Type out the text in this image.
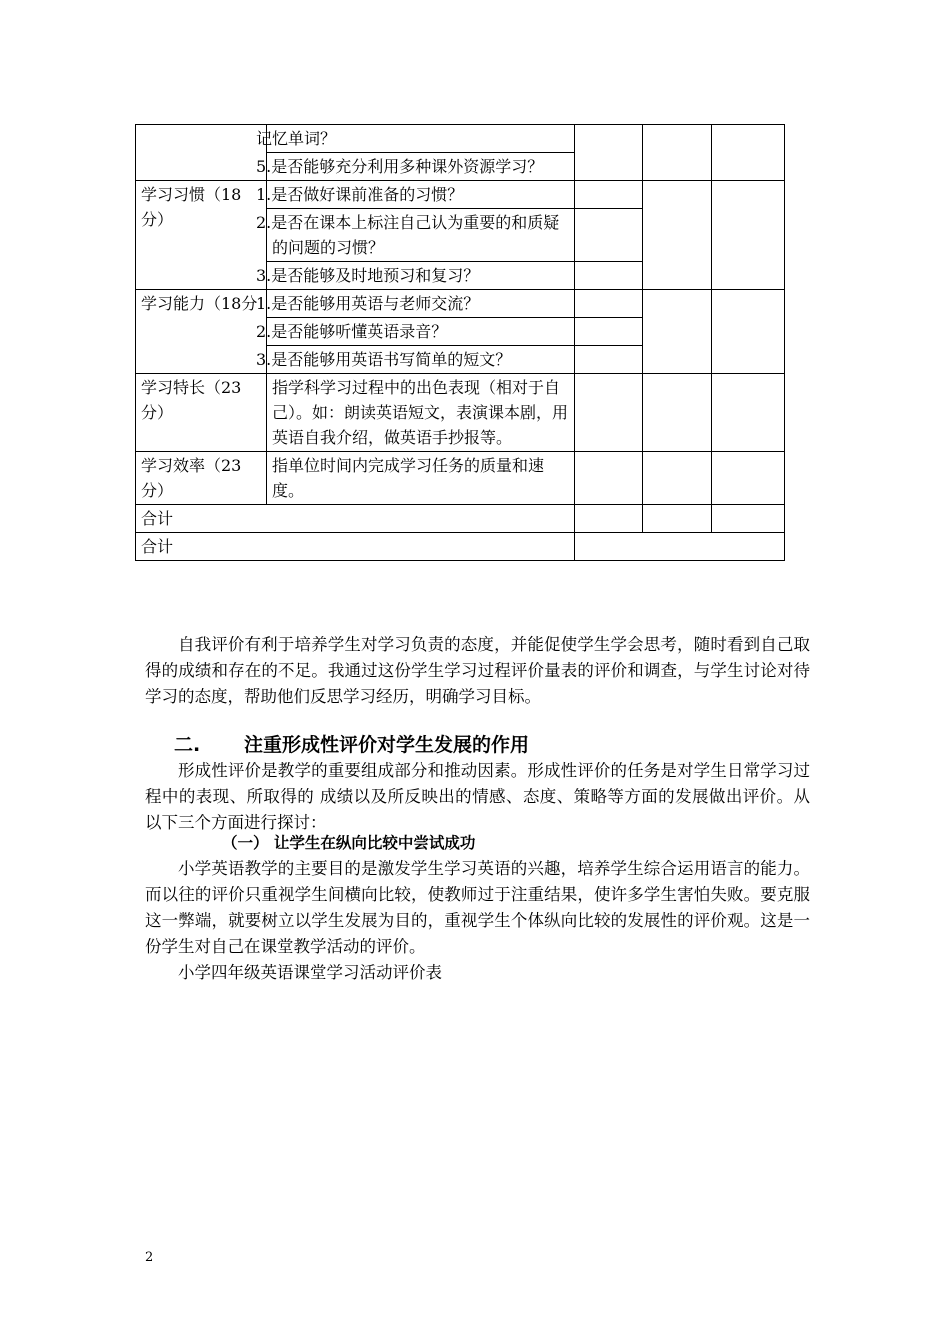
	记忆单词？			
	5.是否能够充分利用多种课外资源学习？			
学习习惯（18分）	1.是否做好课前准备的习惯？			
	2.是否在课本上标注自己认为重要的和质疑的问题的习惯？			
	3.是否能够及时地预习和复习？			
学习能力（18分	1.是否能够用英语与老师交流？			
	2.是否能够听懂英语录音？			
	3.是否能够用英语书写简单的短文？			
学习特长（23分）	指学科学习过程中的出色表现（相对于自己）。如：朗读英语短文，表演课本剧，用英语自我介绍，做英语手抄报等。			
学习效率（23分）	指单位时间内完成学习任务的质量和速度。			
合计				
合计				

自我评价有利于培养学生对学习负责的态度，并能促使学生学会思考，随时看到自己取得的成绩和存在的不足。我通过这份学生学习过程评价量表的评价和调查，与学生讨论对待学习的态度，帮助他们反思学习经历，明确学习目标。

二. 注重形成性评价对学生发展的作用

形成性评价是教学的重要组成部分和推动因素。形成性评价的任务是对学生日常学习过程中的表现、所取得的 成绩以及所反映出的情感、态度、策略等方面的发展做出评价。从以下三个方面进行探讨：

（一） 让学生在纵向比较中尝试成功

小学英语教学的主要目的是激发学生学习英语的兴趣，培养学生综合运用语言的能力。而以往的评价只重视学生间横向比较，使教师过于注重结果，使许多学生害怕失败。要克服这一弊端，就要树立以学生发展为目的，重视学生个体纵向比较的发展性的评价观。这是一份学生对自己在课堂教学活动的评价。

小学四年级英语课堂学习活动评价表

2
